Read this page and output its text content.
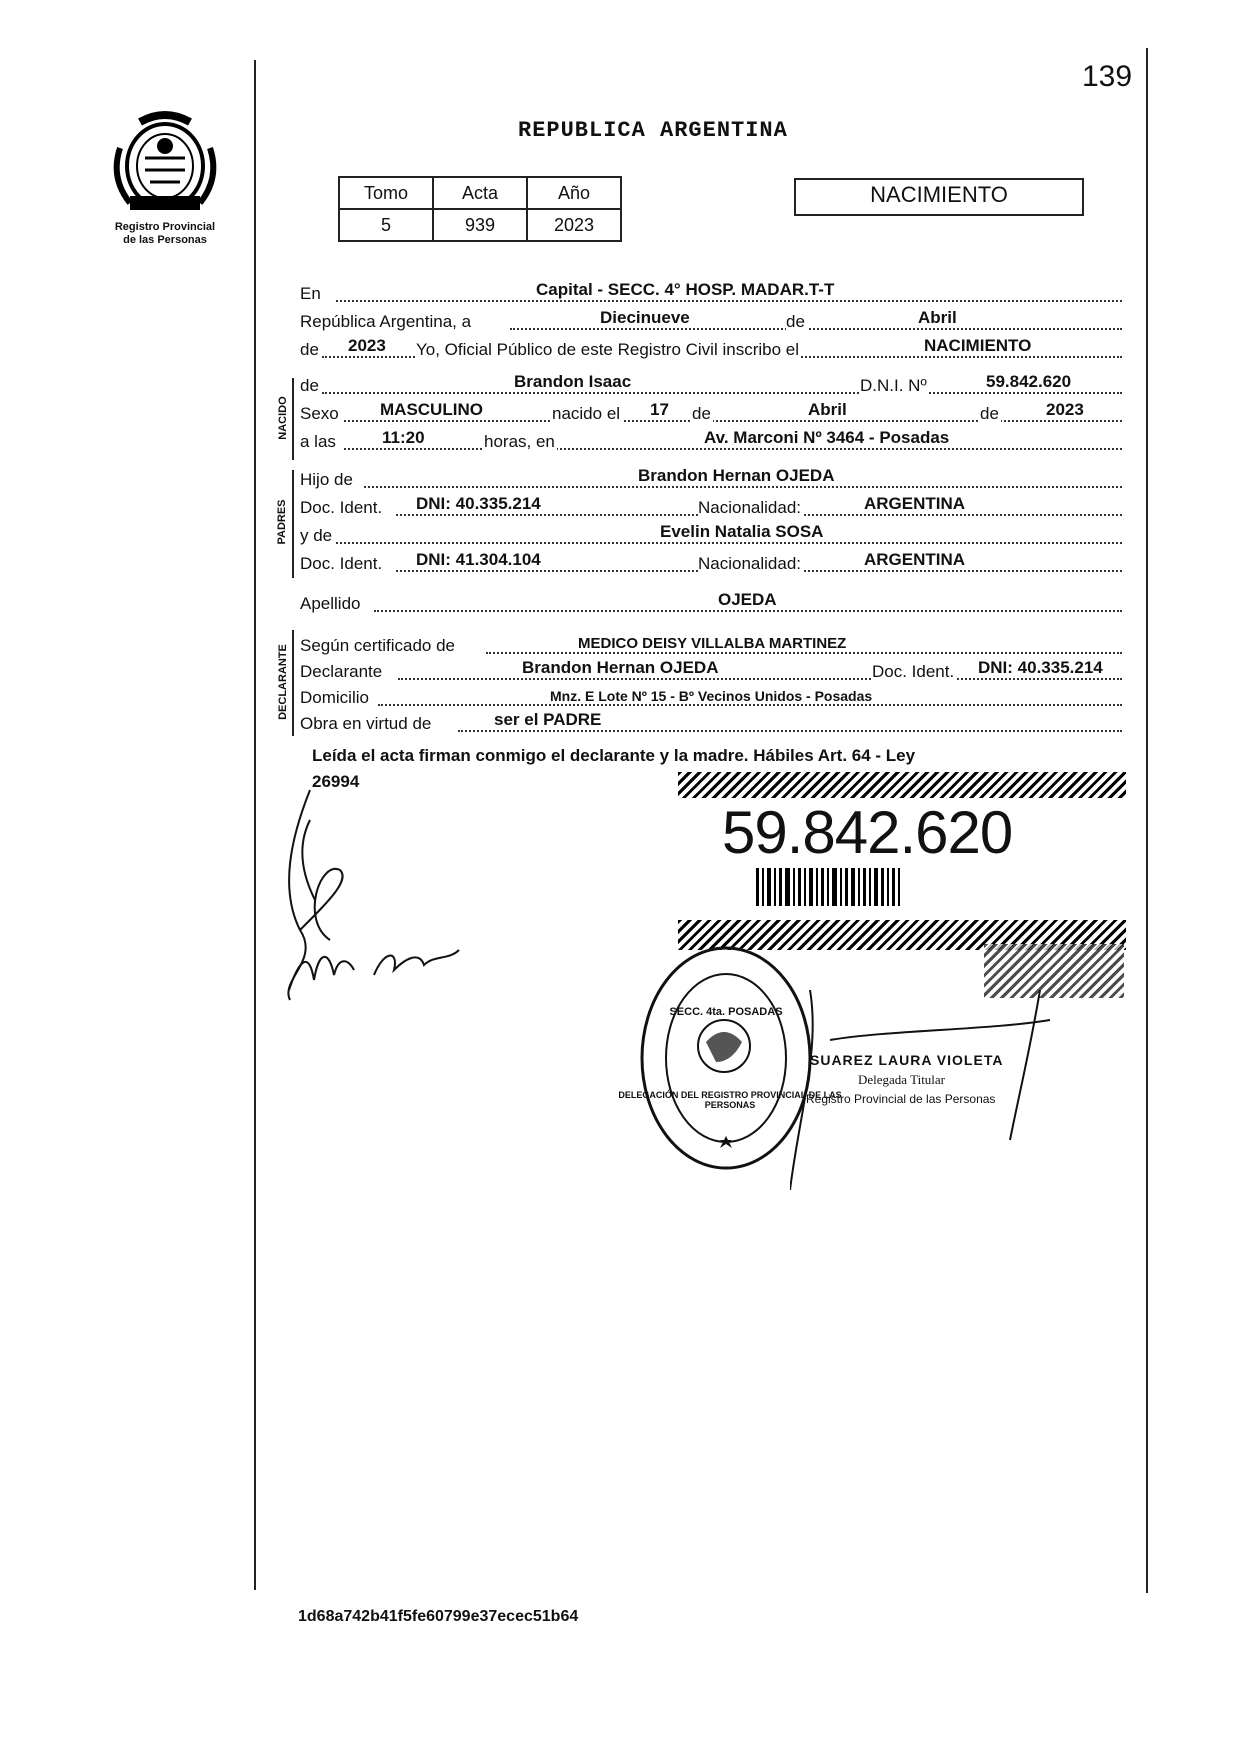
139
Registro Provincial
de las Personas
REPUBLICA ARGENTINA
Tomo	Acta	Año
5	939	2023
NACIMIENTO
NACIDO
PADRES
DECLARANTE
En	Capital - SECC. 4° HOSP. MADAR.T-T
República Argentina, a	Diecinueve	de	Abril
de 2023 Yo, Oficial Público de este Registro Civil inscribo el	NACIMIENTO
de	Brandon Isaac	D.N.I. Nº	59.842.620
Sexo MASCULINO	nacido el 17 de	Abril	de	2023
a las	11:20	horas, en	Av. Marconi Nº 3464 - Posadas
Hijo de	Brandon Hernan OJEDA
Doc. Ident. DNI: 40.335.214	Nacionalidad:	ARGENTINA
y de	Evelin Natalia SOSA
Doc. Ident. DNI: 41.304.104	Nacionalidad:	ARGENTINA
Apellido	OJEDA
Según certificado de	MEDICO DEISY VILLALBA MARTINEZ
Declarante	Brandon Hernan OJEDA	Doc. Ident. DNI: 40.335.214
Domicilio	Mnz. E Lote Nº 15 - Bº Vecinos Unidos - Posadas
Obra en virtud de	ser el PADRE
Leída el acta firman conmigo el declarante y la madre. Hábiles Art. 64 - Ley
26994
59.842.620
SECC. 4ta. POSADAS
DELEGACIÓN DEL REGISTRO PROVINCIAL DE LAS PERSONAS
SUAREZ LAURA VIOLETA
Delegada Titular
Registro Provincial de las Personas
1d68a742b41f5fe60799e37ecec51b64
